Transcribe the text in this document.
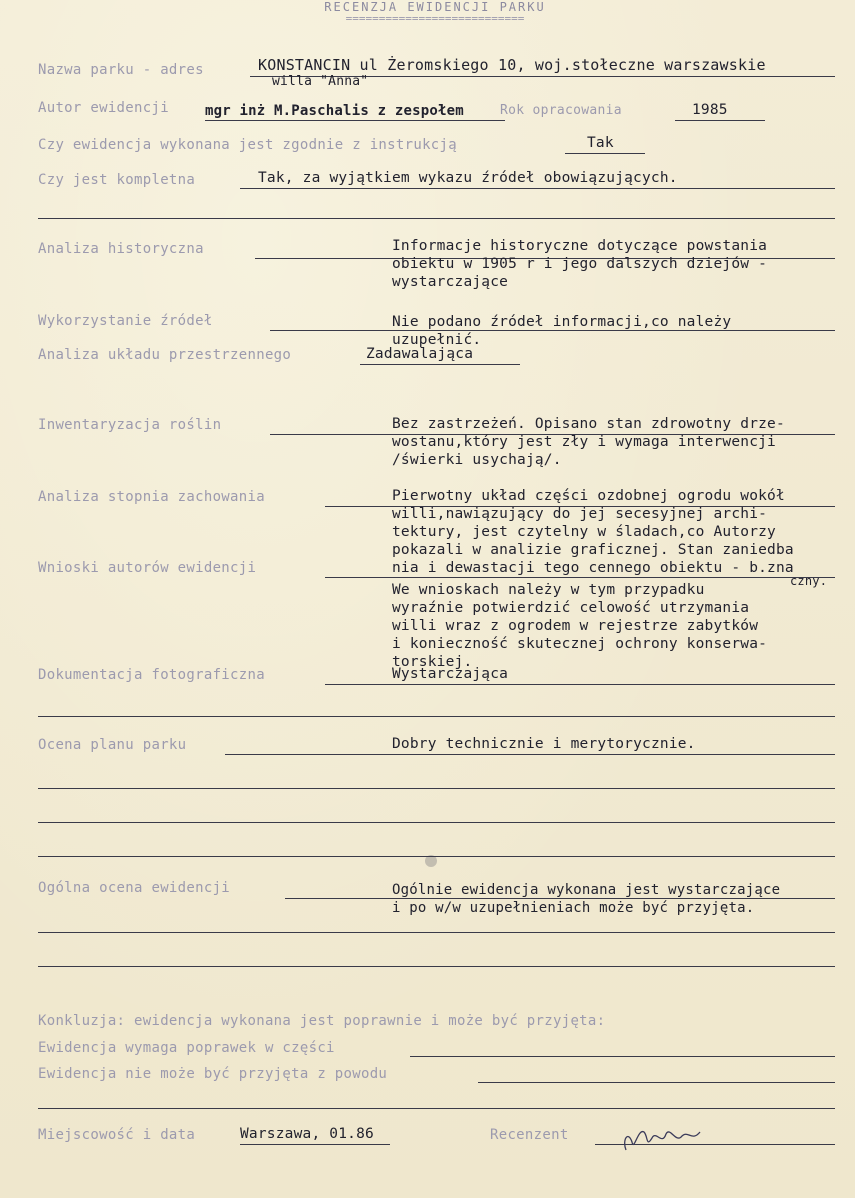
RECENZJA EWIDENCJI PARKU
===========================
Nazwa parku - adres	KONSTANCIN ul Żeromskiego 10, woj.stołeczne warszawskie
willa "Anna"
Autor ewidencji	mgr inż M.Paschalis z zespołem	Rok opracowania	1985
Czy ewidencja wykonana jest zgodnie z instrukcją	Tak
Czy jest kompletna	Tak, za wyjątkiem wykazu źródeł obowiązujących.
Analiza historyczna	Informacje historyczne dotyczące powstania
obiektu w 1905 r i jego dalszych dziejów -
wystarczające
Wykorzystanie źródeł	Nie podano źródeł informacji,co należy
uzupełnić.
Analiza układu przestrzennego	Zadawalająca
Inwentaryzacja roślin	Bez zastrzeżeń. Opisano stan zdrowotny drze-
wostanu,który jest zły i wymaga interwencji
/świerki usychają/.
Analiza stopnia zachowania	Pierwotny układ części ozdobnej ogrodu wokół
willi,nawiązujący do jej secesyjnej archi-
tektury, jest czytelny w śladach,co Autorzy
pokazali w analizie graficznej. Stan zaniedba
nia i dewastacji tego cennego obiektu - b.zna
czny.
Wnioski autorów ewidencji
We wnioskach należy w tym przypadku
wyraźnie potwierdzić celowość utrzymania
willi wraz z ogrodem w rejestrze zabytków
i konieczność skutecznej ochrony konserwa-
torskiej.
Dokumentacja fotograficzna	Wystarczająca
Ocena planu parku	Dobry technicznie i merytorycznie.
Ogólna ocena ewidencji	Ogólnie ewidencja wykonana jest wystarczające
i po w/w uzupełnieniach może być przyjęta.
Konkluzja: ewidencja wykonana jest poprawnie i może być przyjęta:
Ewidencja wymaga poprawek w części
Ewidencja nie może być przyjęta z powodu
Miejscowość i data	Warszawa, 01.86	Recenzent
